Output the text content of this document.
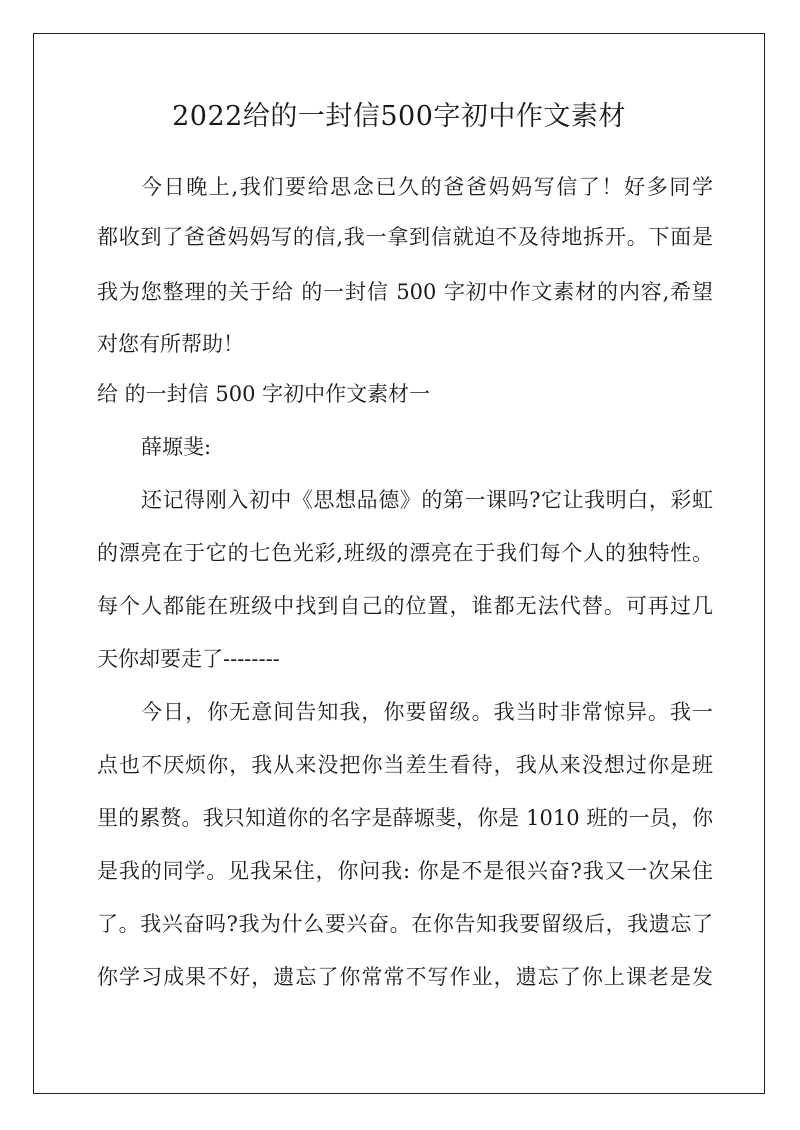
2022给的一封信500字初中作文素材

今日晚上,我们要给思念已久的爸爸妈妈写信了！好多同学

都收到了爸爸妈妈写的信,我一拿到信就迫不及待地拆开。下面是

我为您整理的关于给 的一封信 500 字初中作文素材的内容,希望

对您有所帮助！

给 的一封信 500 字初中作文素材一

薛塬斐:

还记得刚入初中《思想品德》的第一课吗?它让我明白，彩虹

的漂亮在于它的七色光彩,班级的漂亮在于我们每个人的独特性。

每个人都能在班级中找到自己的位置，谁都无法代替。可再过几

天你却要走了--------

今日，你无意间告知我，你要留级。我当时非常惊异。我一

点也不厌烦你，我从来没把你当差生看待，我从来没想过你是班

里的累赘。我只知道你的名字是薛塬斐，你是 1010 班的一员，你

是我的同学。见我呆住，你问我: 你是不是很兴奋?我又一次呆住

了。我兴奋吗?我为什么要兴奋。在你告知我要留级后，我遗忘了

你学习成果不好，遗忘了你常常不写作业，遗忘了你上课老是发
